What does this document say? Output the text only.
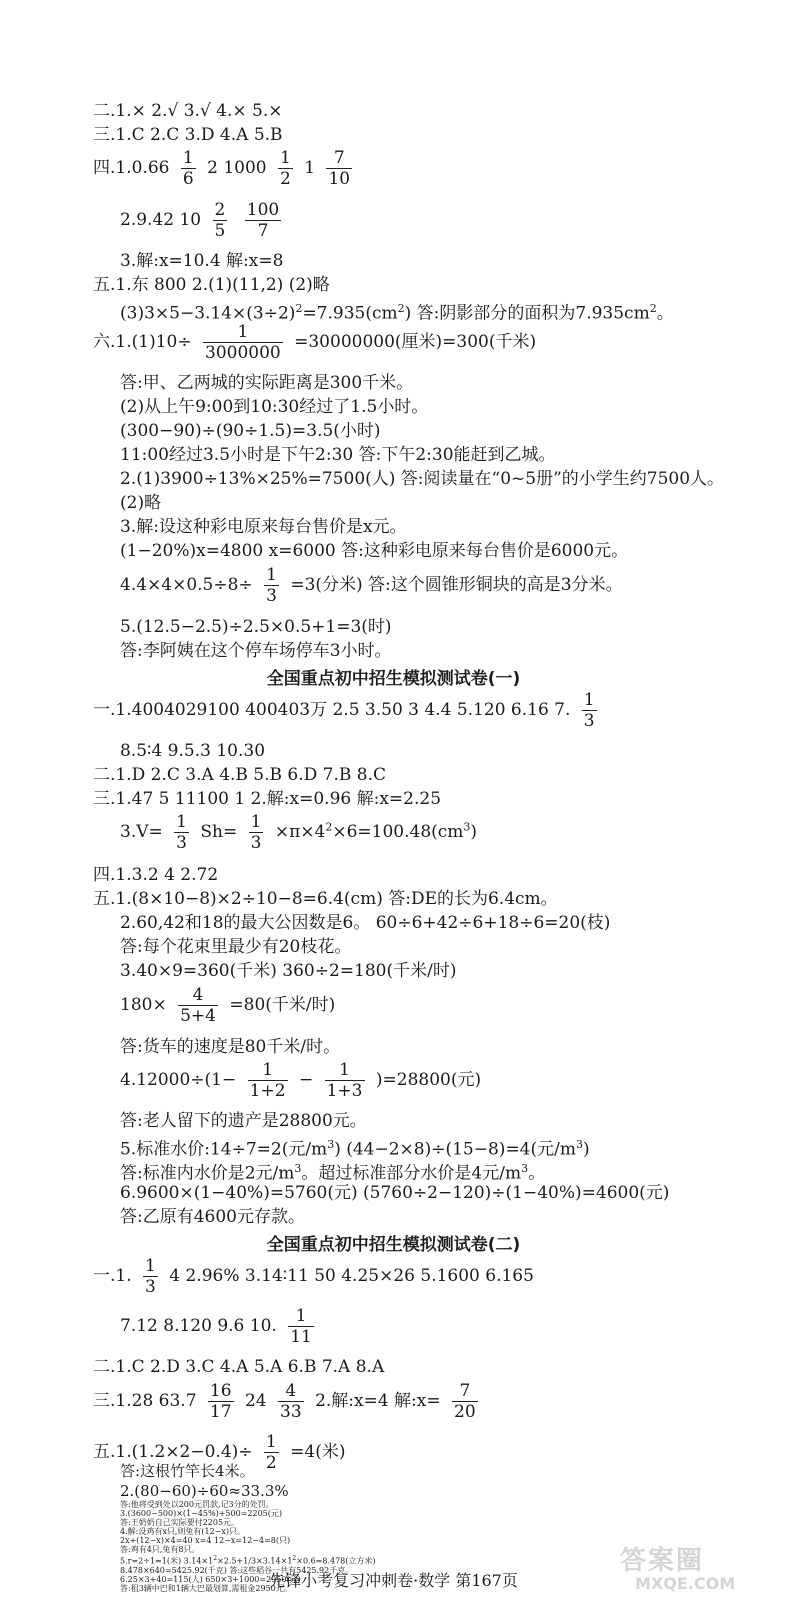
二.1.× 2.√ 3.√ 4.× 5.×
三.1.C 2.C 3.D 4.A 5.B
四$.1.0.66 \frac{1}{6} 2$ $1000 \frac{1}{2} 1 \frac{7}{10}$
2.9.42 $10 \frac{2}{5}$
$\frac{100}{7}$
3.解:x=10.4 解:x=8
五.1.东 800 2.(1)(11,2) (2)略
$(3)3\times 5-3.14\times(3\div 2)^2=7.935(cm^2)$ 答:阴影部分的面积为$7.935cm^2$。
六$.1.(1)10\div \frac{1}{3000000} =30000000$(厘米)=300(千米)
答:甲、乙两城的实际距离是300千米。
(2)从上午9:00到10:30经过了1.5小时。
(300−90)÷(90÷1.5)=3.5(小时)
11:00经过3.5小时是下午2:30 答:下午2:30能赶到乙城。
2.(1)3900÷13%×25%=7500(人) 答:阅读量在“0~5册”的小学生约7500人。
(2)略
3.解:设这种彩电原来每台售价是x元。
(1−20%)x=4800 x=6000 答:这种彩电原来每台售价是6000元。
$4.4\times 4\times 0.5\div 8\div \frac{1}{3} =3$(分米) 答:这个圆锥形铜块的高是3分米。
5.(12.5−2.5)÷2.5×0.5+1=3(时)
答:李阿姨在这个停车场停车3小时。
全国重点初中招生模拟测试卷(一)
一.1.4004029100 400403万 2.5 3.50 3 4.4 5.120 6.16 7. $\frac{1}{3}$
8.5∶4 9.5.3 10.30
二.1.D 2.C 3.A 4.B 5.B 6.D 7.B 8.C
三.1.47 5 11100 1 2.解:x=0.96 解:x=2.25
$3.V= \frac{1}{3} Sh= \frac{1}{3} \times\pi\times 4^2\times 6=100.48(cm^3)$
四.1.3.2 4 2.72
五.1.(8×10−8)×2÷10−8=6.4(cm) 答:DE的长为6.4cm。
2.60,42和18的最大公因数是6。 60÷6+42÷6+18÷6=20(枝)
答:每个花束里最少有20枝花。
3.40×9=360(千米) 360÷2=180(千米/时)
$180\times \frac{4}{5+4} =80$(千米/时)
答:货车的速度是80千米/时。
$4.12000\div(1- \frac{1}{1+2} - \frac{1}{1+3} )=28800$(元)
答:老人留下的遗产是28800元。
5.标准水价:14÷7=2(元$/m^3$) (44−2×8)÷(15−8)=4(元$/m^3$)
答:标准内水价是2元$/m^3$。超过标准部分水价是4元$/m^3$。
6.9600×(1−40%)=5760(元) (5760÷2−120)÷(1−40%)=4600(元)
答:乙原有4600元存款。
全国重点初中招生模拟测试卷(二)
一.1. $\frac{1}{3} 4$ 2.96% 3.14∶11 50 4.25×26 5.1600 6.165
7.12 8.120 9.6 10. $\frac{1}{11}$
二.1.C 2.D 3.C 4.A 5.A 6.B 7.A 8.A
三.1.28 $63.7 \frac{16}{17} 24 \frac{4}{33} 2$.解:x=4 解:x= $\frac{7}{20}$
五$.1.(1.2\times 2-0.4)\div \frac{1}{2} =4$(米)
答:这根竹竿长4米。
2.(80−60)÷60≈33.3%
答:他将受到处以200元罚款,记3分的处罚。
3.(3600−500)×(1−45%)+500=2205(元)
答:王奶奶自己实际要付2205元。
4.解:设鸡有x只,则兔有(12−x)只。
2x+(12−x)×4=40 x=4 12−x=12−4=8(只)
答:鸡有4只,兔有8只。
5.r=2÷1=1(米) $3.14\times 1^2\times 2.5+1/3\times 3.14\times 1^2\times 0.6=8.478$(立方米)
8.478×640=5425.92(千克) 答:这些稻谷一共有5425.92千克。
6.25×3+40=115(人) 650×3+1000=2950(元)
答:租3辆中巴和1辆大巴最划算,需租金2950元。
先锋小考复习冲刺卷·数学 第167页
答案圈
MXQE.COM
